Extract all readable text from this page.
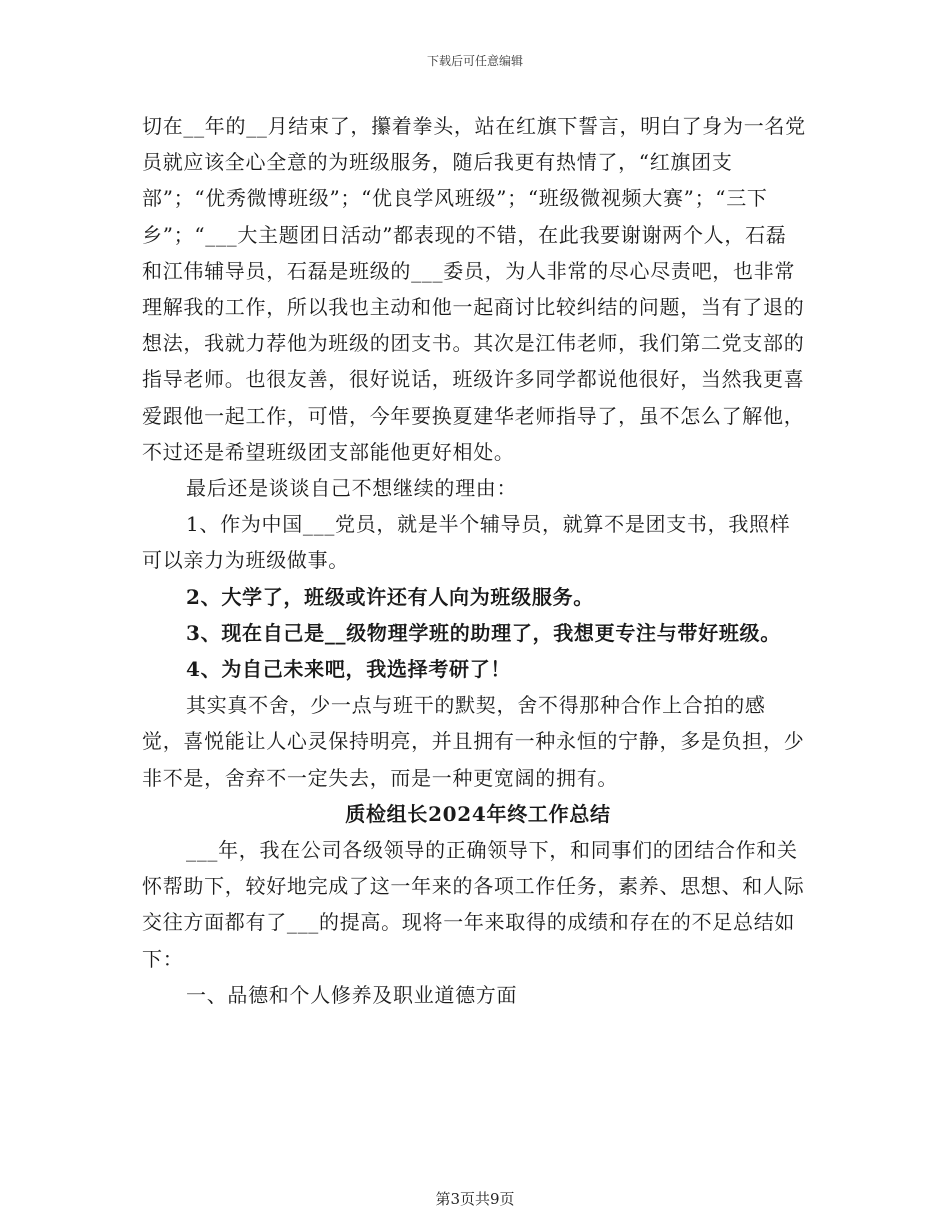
下载后可任意编辑

切在__年的__月结束了，攥着拳头，站在红旗下誓言，明白了身为一名党员就应该全心全意的为班级服务，随后我更有热情了，“红旗团支部”；“优秀微博班级”；“优良学风班级”；“班级微视频大赛”；“三下乡”；“___大主题团日活动”都表现的不错，在此我要谢谢两个人，石磊和江伟辅导员，石磊是班级的___委员，为人非常的尽心尽责吧，也非常理解我的工作，所以我也主动和他一起商讨比较纠结的问题，当有了退的想法，我就力荐他为班级的团支书。其次是江伟老师，我们第二党支部的指导老师。也很友善，很好说话，班级许多同学都说他很好，当然我更喜爱跟他一起工作，可惜，今年要换夏建华老师指导了，虽不怎么了解他，不过还是希望班级团支部能他更好相处。

最后还是谈谈自己不想继续的理由：

1、作为中国___党员，就是半个辅导员，就算不是团支书，我照样可以亲力为班级做事。

2、大学了，班级或许还有人向为班级服务。

3、现在自己是__级物理学班的助理了，我想更专注与带好班级。

4、为自己未来吧，我选择考研了！

其实真不舍，少一点与班干的默契，舍不得那种合作上合拍的感觉，喜悦能让人心灵保持明亮，并且拥有一种永恒的宁静，多是负担，少非不是，舍弃不一定失去，而是一种更宽阔的拥有。

质检组长2024年终工作总结

___年，我在公司各级领导的正确领导下，和同事们的团结合作和关怀帮助下，较好地完成了这一年来的各项工作任务，素养、思想、和人际交往方面都有了___的提高。现将一年来取得的成绩和存在的不足总结如下：

一、品德和个人修养及职业道德方面

第3页共9页
